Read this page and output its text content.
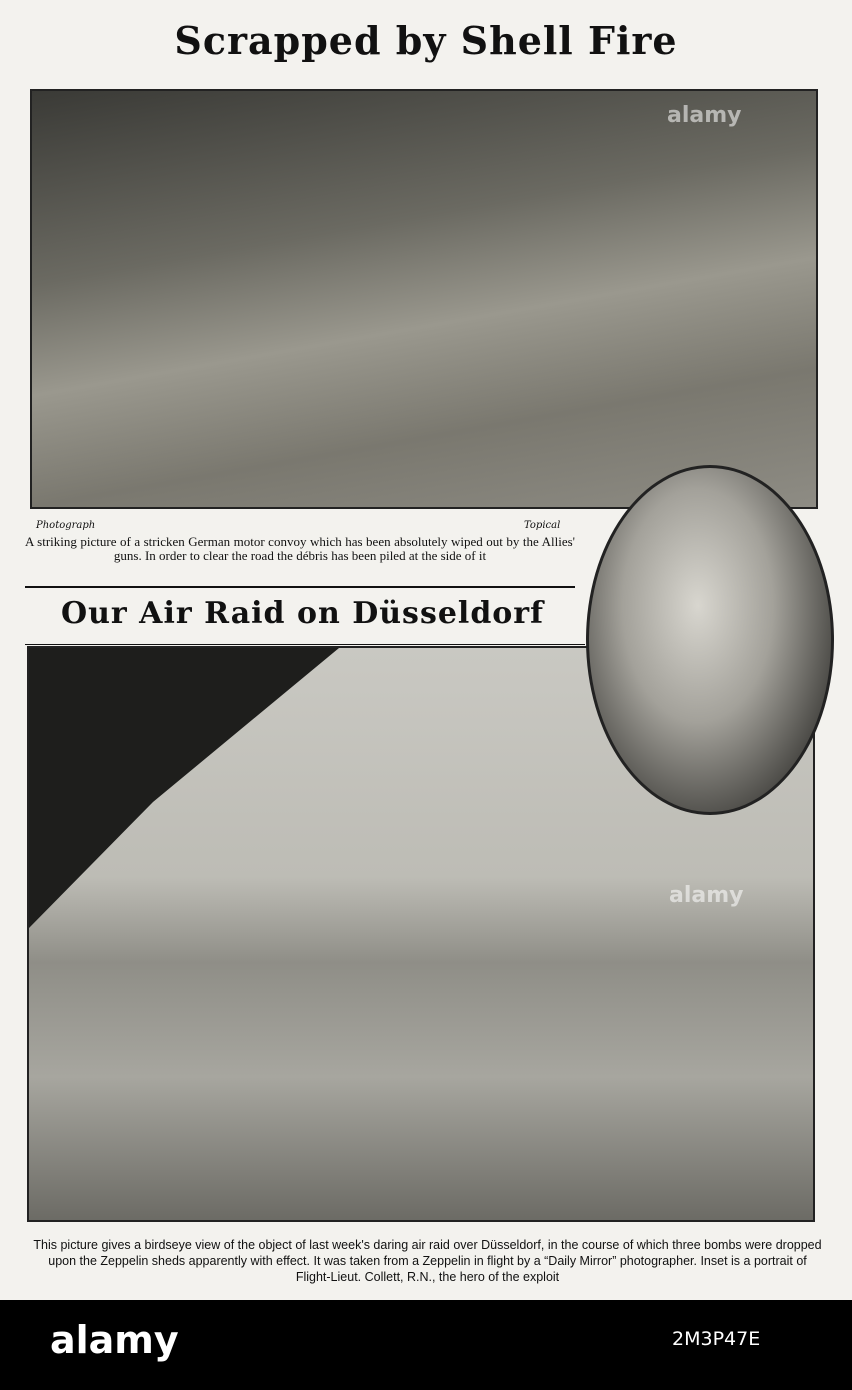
Scrapped by Shell Fire
alamy
Photograph	Topical
A striking picture of a stricken German motor convoy which has been absolutely wiped out by the Allies' guns. In order to clear the road the débris has been piled at the side of it
Our Air Raid on Düsseldorf
alamy
This picture gives a birdseye view of the object of last week's daring air raid over Düsseldorf, in the course of which three bombs were dropped upon the Zeppelin sheds apparently with effect. It was taken from a Zeppelin in flight by a “Daily Mirror” photographer. Inset is a portrait of Flight-Lieut. Collett, R.N., the hero of the exploit
alamy	2M3P47E
